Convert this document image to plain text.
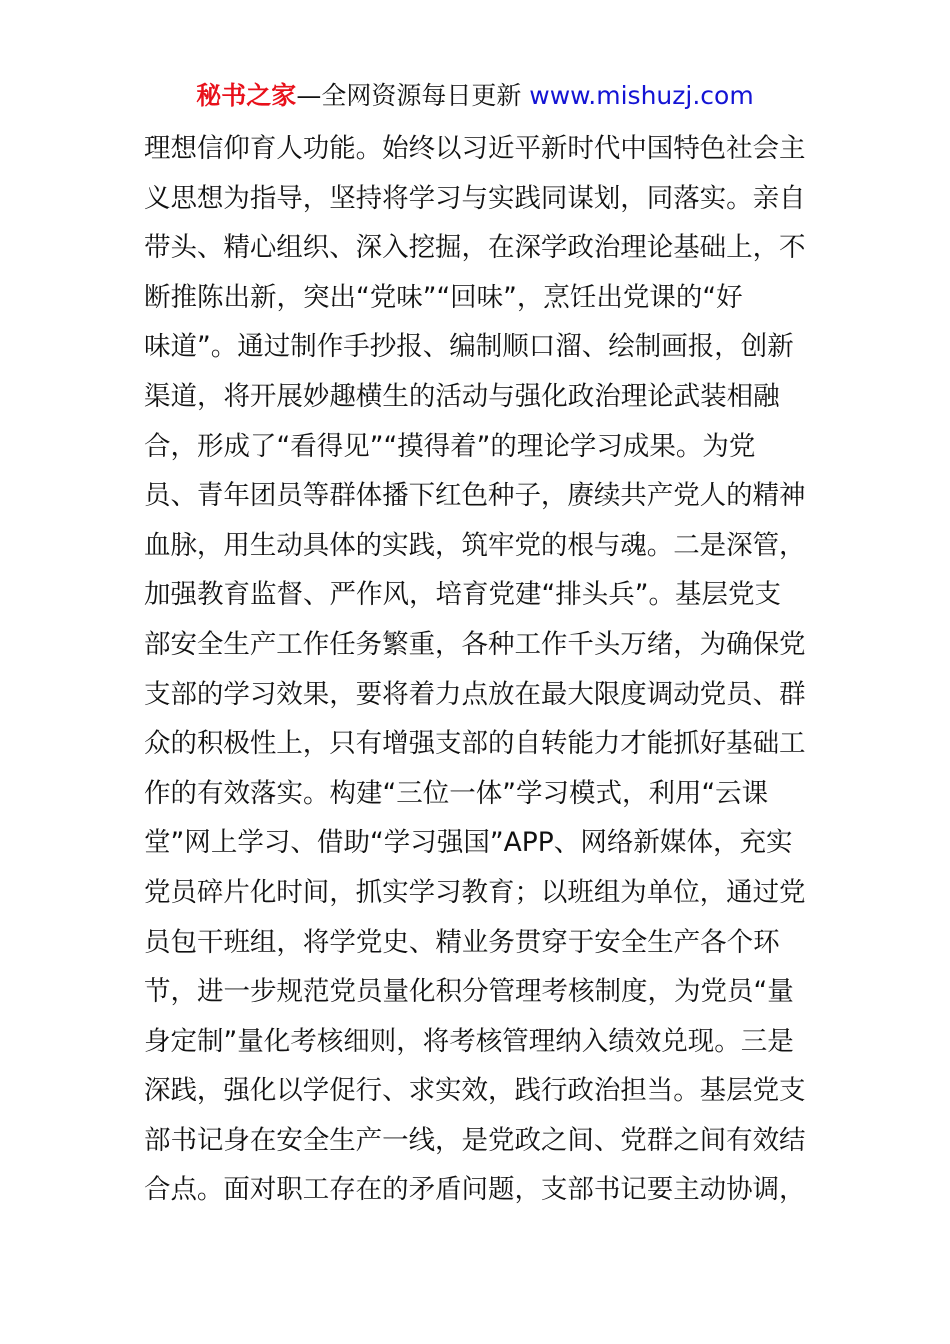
秘书之家—全网资源每日更新 www.mishuzj.com
理想信仰育人功能。始终以习近平新时代中国特色社会主
义思想为指导，坚持将学习与实践同谋划，同落实。亲自
带头、精心组织、深入挖掘，在深学政治理论基础上，不
断推陈出新，突出“党味”“回味”，烹饪出党课的“好
味道”。通过制作手抄报、编制顺口溜、绘制画报，创新
渠道，将开展妙趣横生的活动与强化政治理论武装相融
合，形成了“看得见”“摸得着”的理论学习成果。为党
员、青年团员等群体播下红色种子，赓续共产党人的精神
血脉，用生动具体的实践，筑牢党的根与魂。二是深管，
加强教育监督、严作风，培育党建“排头兵”。基层党支
部安全生产工作任务繁重，各种工作千头万绪，为确保党
支部的学习效果，要将着力点放在最大限度调动党员、群
众的积极性上，只有增强支部的自转能力才能抓好基础工
作的有效落实。构建“三位一体”学习模式，利用“云课
堂”网上学习、借助“学习强国”APP、网络新媒体，充实
党员碎片化时间，抓实学习教育；以班组为单位，通过党
员包干班组，将学党史、精业务贯穿于安全生产各个环
节，进一步规范党员量化积分管理考核制度，为党员“量
身定制”量化考核细则，将考核管理纳入绩效兑现。三是
深践，强化以学促行、求实效，践行政治担当。基层党支
部书记身在安全生产一线，是党政之间、党群之间有效结
合点。面对职工存在的矛盾问题，支部书记要主动协调，
